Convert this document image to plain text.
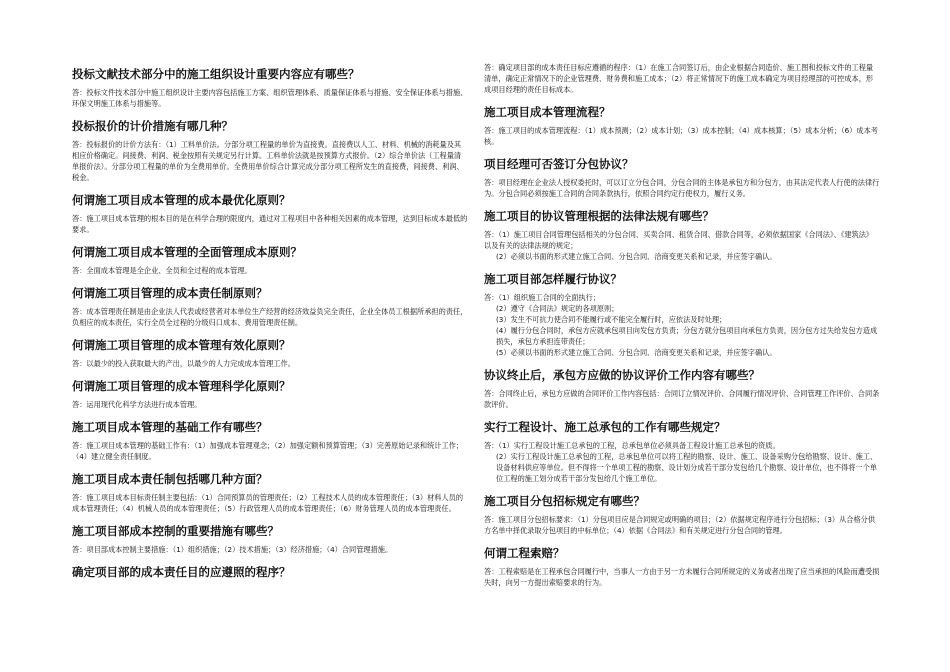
投标文献技术部分中的施工组织设计重要内容应有哪些？

答：投标文件技术部分中施工组织设计主要内容包括施工方案、组织管理体系、质量保证体系与措施、安全保证体系与措施、环保文明施工体系与措施等。

投标报价的计价措施有哪几种？

答：投标报价的计价方法有：（1）工料单价法。分部分项工程量的单价为直接费。直接费以人工、材料、机械的消耗量及其相应价格确定。间接费、利润、税金按照有关规定另行计算。工料单价法就是按预算方式报价。（2）综合单价法（工程量清单报价法）。分部分项工程量的单价为全费用单价。全费用单价综合计算完成分部分项工程所发生的直接费，间接费、利润、税金。

何谓施工项目成本管理的成本最优化原则？

答：施工项目成本管理的根本目的是在科学合理的限度内，通过对工程项目中各种相关因素的成本管理，达到目标成本最低的要求。

何谓施工项目成本管理的全面管理成本原则？

答：全面成本管理是全企业、全员和全过程的成本管理。

何谓施工项目管理的成本责任制原则？

答：成本管理责任制是由企业法人代表或经营者对本单位生产经营的经济效益负完全责任，企业全体员工根据所承担的责任，负相应的成本责任，实行全员全过程的分级归口成本、费用管理责任制。

何谓施工项目管理的成本管理有效化原则？

答：以最少的投入获取最大的产出，以最少的人力完成成本管理工作。

何谓施工项目管理的成本管理科学化原则？

答：运用现代化科学方法进行成本管理。

施工项目成本管理的基础工作有哪些？

答：施工项目成本管理的基础工作有：（1）加强成本管理观念；（2）加强定额和预算管理；（3）完善原始记录和统计工作；（4）建立健全责任制度。

施工项目成本责任制包括哪几种方面？

答：施工项目成本目标责任制主要包括：（1）合同预算员的管理责任；（2）工程技术人员的成本管理责任；（3）材料人员的成本管理责任；（4）机械人员的成本管理责任；（5）行政管理人员的成本管理责任；（6）财务管理人员的成本管理责任。

施工项目部成本控制的重要措施有哪些？

答：项目部成本控制主要措施：（1）组织措施；（2）技术措施；（3）经济措施；（4）合同管理措施。

确定项目部的成本责任目的应遵照的程序？

答：确定项目部的成本责任目标应遵循的程序：（1）在施工合同签订后，由企业根据合同造价、施工图和投标文件的工程量清单，确定正常情况下的企业管理费、财务费和施工成本；（2）将正常情况下的施工成本确定为项目经理部的可控成本，形成项目经理的责任目标成本。

施工项目成本管理流程？

答：施工项目的成本管理流程：（1）成本预测；（2）成本计划；（3）成本控制；（4）成本核算；（5）成本分析；（6）成本考核。

项目经理可否签订分包协议？

答：项目经理在企业法人授权委托时，可以订立分包合同，分包合同的主体是承包方和分包方，由其法定代表人行使的法律行为。分包合同必须按施工合同的合同条款执行，依照合同约定行使权力，履行义务。

施工项目的协议管理根据的法律法规有哪些？

答：（1）施工项目合同管理包括相关的分包合同、买卖合同、租赁合同、借款合同等，必须依据国家《合同法》、《建筑法》以及有关的法律法规的规定；
(2）必须以书面的形式建立施工合同、分包合同、洽商变更关系和记录，并应签字确认。

施工项目部怎样履行协议？

答：（1）组织施工合同的全面执行；
(2）遵守《合同法》规定的各项原则；
(3）发生不可抗力使合同不能履行或不能完全履行时，应依法及时处理；
(4）履行分包合同时，承包方应就承包项目向发包方负责；分包方就分包项目向承包方负责，因分包方过失给发包方造成损失，承包方承担连带责任；
(5）必须以书面的形式建立施工合同、分包合同、洽商变更关系和记录，并应签字确认。

协议终止后，承包方应做的协议评价工作内容有哪些？

答：合同终止后，承包方应做的合同评价工作内容包括：合同订立情况评价、合同履行情况评价、合同管理工作评价、合同条款评价。

实行工程设计、施工总承包的工作有哪些规定？

答：（1）实行工程设计施工总承包的工程，总承包单位必须具备工程设计施工总承包的资质。
(2）实行工程设计施工总承包的工程，总承包单位可以将工程的勘察、设计、施工、设备采购分包给勘察、设计、施工、设备材料供应等单位。但不得将一个单项工程的勘察、设计划分成若干部分发包给几个勘察、设计单位，也不得将一个单位工程的施工划分成若干部分发包给几个施工单位。

施工项目分包招标规定有哪些？

答：施工项目分包招标要求：（1）分包项目应是合同规定或明确的项目；（2）依据规定程序进行分包招标；（3）从合格分供方名单中择优录取分包项目的中标单位；（4）依据《合同法》和有关规定进行分包合同的管理。

何谓工程索赔？

答：工程索赔是在工程承包合同履行中，当事人一方由于另一方未履行合同所规定的义务或者出现了应当承担的风险而遭受损失时，向另一方提出索赔要求的行为。
